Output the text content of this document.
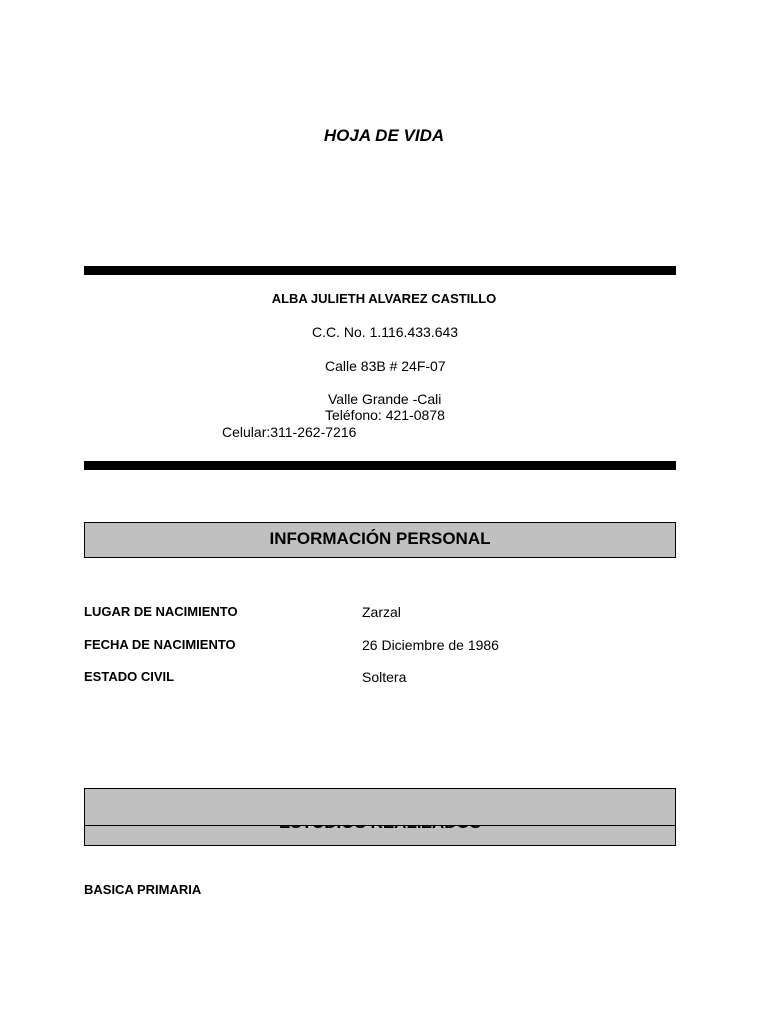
HOJA DE VIDA
ALBA JULIETH ALVAREZ CASTILLO
C.C. No. 1.116.433.643
Calle 83B # 24F-07
Valle Grande -Cali
Teléfono: 421-0878
Celular:311-262-7216
INFORMACIÓN PERSONAL
LUGAR DE NACIMIENTO	Zarzal
FECHA DE NACIMIENTO	26 Diciembre de 1986
ESTADO CIVIL	Soltera
BASICA PRIMARIA
